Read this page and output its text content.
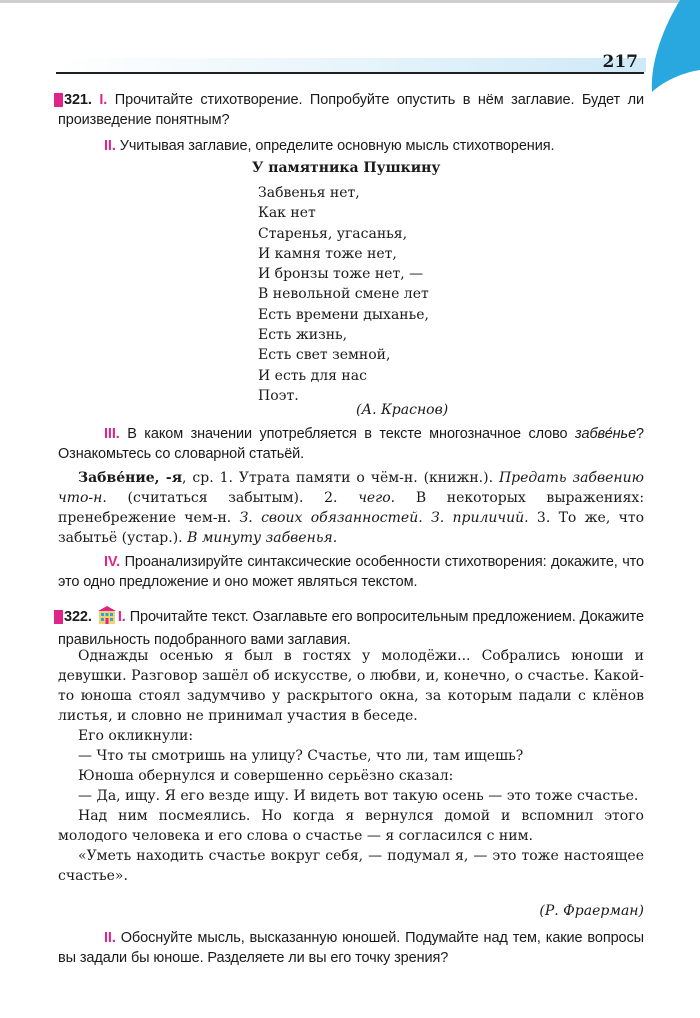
217
321. I. Прочитайте стихотворение. Попробуйте опустить в нём заглавие. Будет ли произведение понятным?
II. Учитывая заглавие, определите основную мысль стихотворения.
У памятника Пушкину
Забвенья нет,
Как нет
Старенья, угасанья,
И камня тоже нет,
И бронзы тоже нет, —
В невольной смене лет
Есть времени дыханье,
Есть жизнь,
Есть свет земной,
И есть для нас
Поэт.
(А. Краснов)
III. В каком значении употребляется в тексте многозначное слово забве́нье? Ознакомьтесь со словарной статьёй.
Забве́ние, -я, ср. 1. Утрата памяти о чём-н. (книжн.). Предать забвению что-н. (считаться забытым). 2. чего. В некоторых выражениях: пренебрежение чем-н. З. своих обязанностей. З. приличий. 3. То же, что забытьё (устар.). В минуту забвенья.
IV. Проанализируйте синтаксические особенности стихотворения: докажите, что это одно предложение и оно может являться текстом.
322. I. Прочитайте текст. Озаглавьте его вопросительным предложением. Докажите правильность подобранного вами заглавия.

Однажды осенью я был в гостях у молодёжи... Собрались юноши и девушки. Разговор зашёл об искусстве, о любви, и, конечно, о счастье. Какой-то юноша стоял задумчиво у раскрытого окна, за которым падали с клёнов листья, и словно не принимал участия в беседе.

Его окликнули:

— Что ты смотришь на улицу? Счастье, что ли, там ищешь?

Юноша обернулся и совершенно серьёзно сказал:

— Да, ищу. Я его везде ищу. И видеть вот такую осень — это тоже счастье.

Над ним посмеялись. Но когда я вернулся домой и вспомнил этого молодого человека и его слова о счастье — я согласился с ним.

«Уметь находить счастье вокруг себя, — подумал я, — это тоже настоящее счастье».

(Р. Фраерман)
II. Обоснуйте мысль, высказанную юношей. Подумайте над тем, какие вопросы вы задали бы юноше. Разделяете ли вы его точку зрения?
